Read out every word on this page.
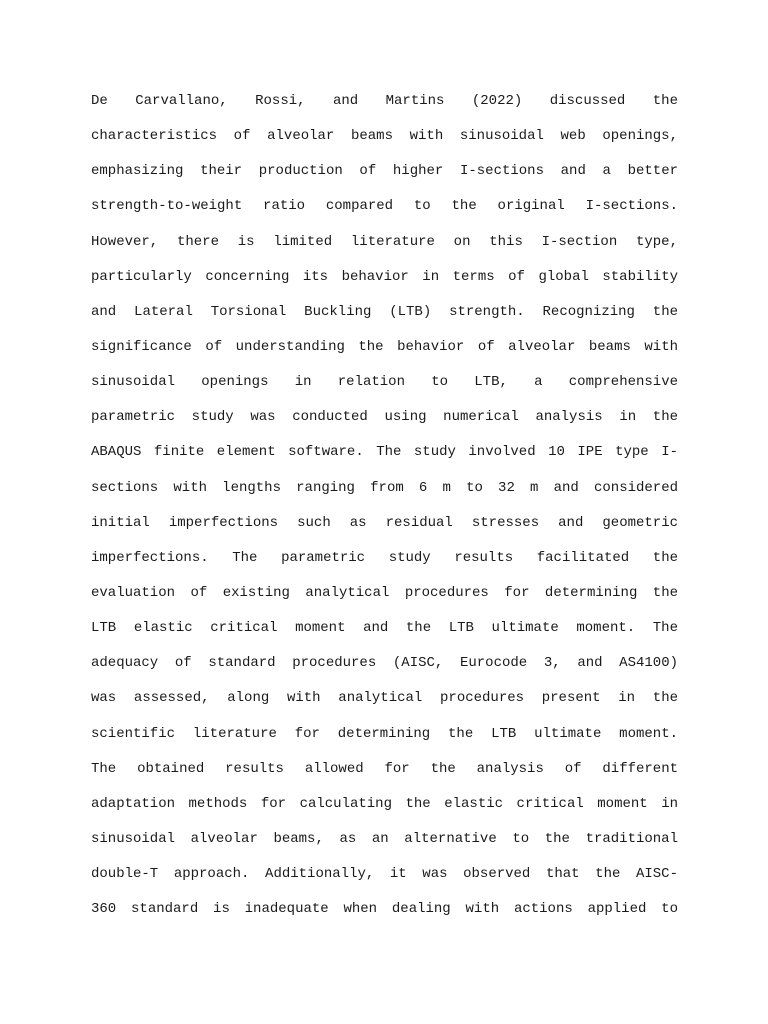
De Carvallano, Rossi, and Martins (2022) discussed the
characteristics of alveolar beams with sinusoidal web openings,
emphasizing their production of higher I-sections and a better
strength-to-weight ratio compared to the original I-sections.
However, there is limited literature on this I-section type,
particularly concerning its behavior in terms of global stability
and Lateral Torsional Buckling (LTB) strength. Recognizing the
significance of understanding the behavior of alveolar beams with
sinusoidal openings in relation to LTB, a comprehensive
parametric study was conducted using numerical analysis in the
ABAQUS finite element software. The study involved 10 IPE type I-
sections with lengths ranging from 6 m to 32 m and considered
initial imperfections such as residual stresses and geometric
imperfections. The parametric study results facilitated the
evaluation of existing analytical procedures for determining the
LTB elastic critical moment and the LTB ultimate moment. The
adequacy of standard procedures (AISC, Eurocode 3, and AS4100)
was assessed, along with analytical procedures present in the
scientific literature for determining the LTB ultimate moment.
The obtained results allowed for the analysis of different
adaptation methods for calculating the elastic critical moment in
sinusoidal alveolar beams, as an alternative to the traditional
double-T approach. Additionally, it was observed that the AISC-
360 standard is inadequate when dealing with actions applied to
